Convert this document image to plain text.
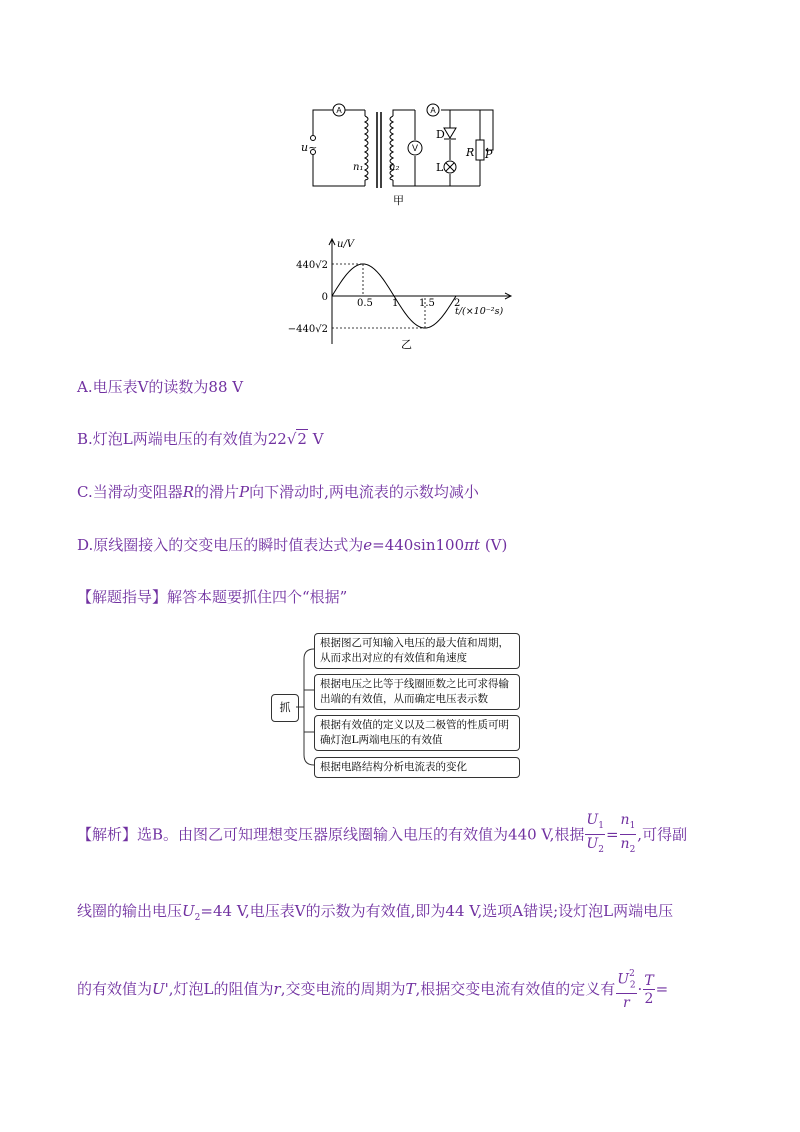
A	A
V
u~
n₁	n₂
D
L
R P
甲
0.5 1 1.5 2
440√2
0
−440√2
u/V
t/(×10⁻²s)
乙
A.电压表V的读数为88 V
B.灯泡L两端电压的有效值为22√2 V
C.当滑动变阻器R的滑片P向下滑动时,两电流表的示数均减小
D.原线圈接入的交变电压的瞬时值表达式为e=440sin100πt (V)
【解题指导】解答本题要抓住四个“根据”
抓
根据图乙可知输入电压的最大值和周期，从而求出对应的有效值和角速度
根据电压之比等于线圈匝数之比可求得输出端的有效值，从而确定电压表示数
根据有效值的定义以及二极管的性质可明确灯泡L两端电压的有效值
根据电路结构分析电流表的变化
【解析】选B。由图乙可知理想变压器原线圈输入电压的有效值为440 V,根据 $\frac{U_1}{U_2} = \frac{n_1}{n_2}$ ,可得副
线圈的输出电压$U_2=44$ V,电压表V的示数为有效值,即为44 V,选项A错误;设灯泡L两端电压
的有效值为U',灯泡L的阻值为r,交变电流的周期为T,根据交变电流有效值的定义有 $\frac{U^2_2}{r} \cdot \frac{T}{2}$ =
